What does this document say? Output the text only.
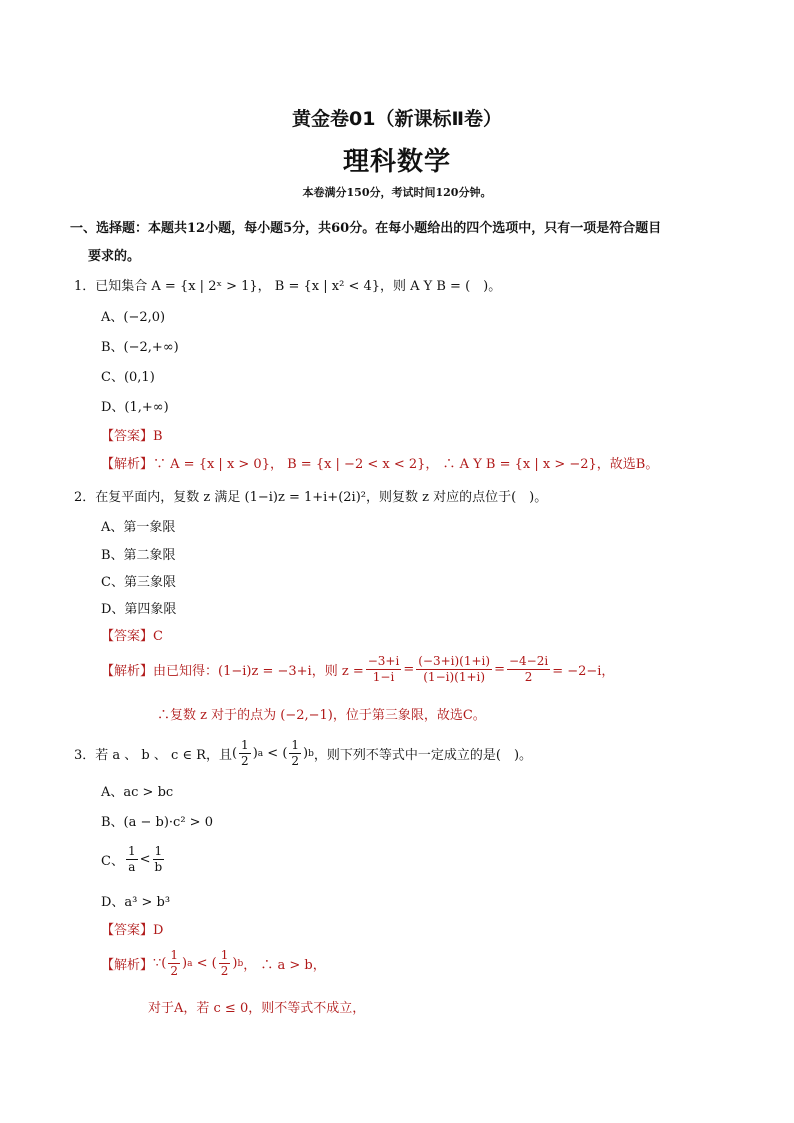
黄金卷01（新课标Ⅱ卷）
理科数学
本卷满分150分，考试时间120分钟。
一、选择题：本题共12小题，每小题5分，共60分。在每小题给出的四个选项中，只有一项是符合题目
要求的。
1．已知集合 A = {x | 2ˣ > 1}， B = {x | x² < 4}，则 A Y B = (　)。
A、(−2,0)
B、(−2,+∞)
C、(0,1)
D、(1,+∞)
【答案】B
【解析】∵ A = {x | x > 0}， B = {x | −2 < x < 2}， ∴ A Y B = {x | x > −2}，故选B。
2．在复平面内，复数 z 满足 (1−i)z = 1+i+(2i)²，则复数 z 对应的点位于(　)。
A、第一象限
B、第二象限
C、第三象限
D、第四象限
【答案】C
【解析】 由已知得：(1−i)z = −3+i，则 $z = \frac{-3+i}{1-i} = \frac{(-3+i)(1+i)}{(1-i)(1+i)} = \frac{-4-2i}{2} = -2-i$，
∴复数 z 对于的点为 (−2,−1)，位于第三象限，故选C。
3．若 a 、 b 、 c ∈ R，且 ( $\frac{1}{2}$ ) a < ( $\frac{1}{2}$ ) b ，则下列不等式中一定成立的是(　)。
A、ac > bc
B、(a − b)·c² > 0
C、 $\frac{1}{a} < \frac{1}{b}$
D、a³ > b³
【答案】D
【解析】 ∵ ( $\frac{1}{2}$ ) a < ( $\frac{1}{2}$ ) b ， ∴ a > b，
对于A，若 c ≤ 0，则不等式不成立，
